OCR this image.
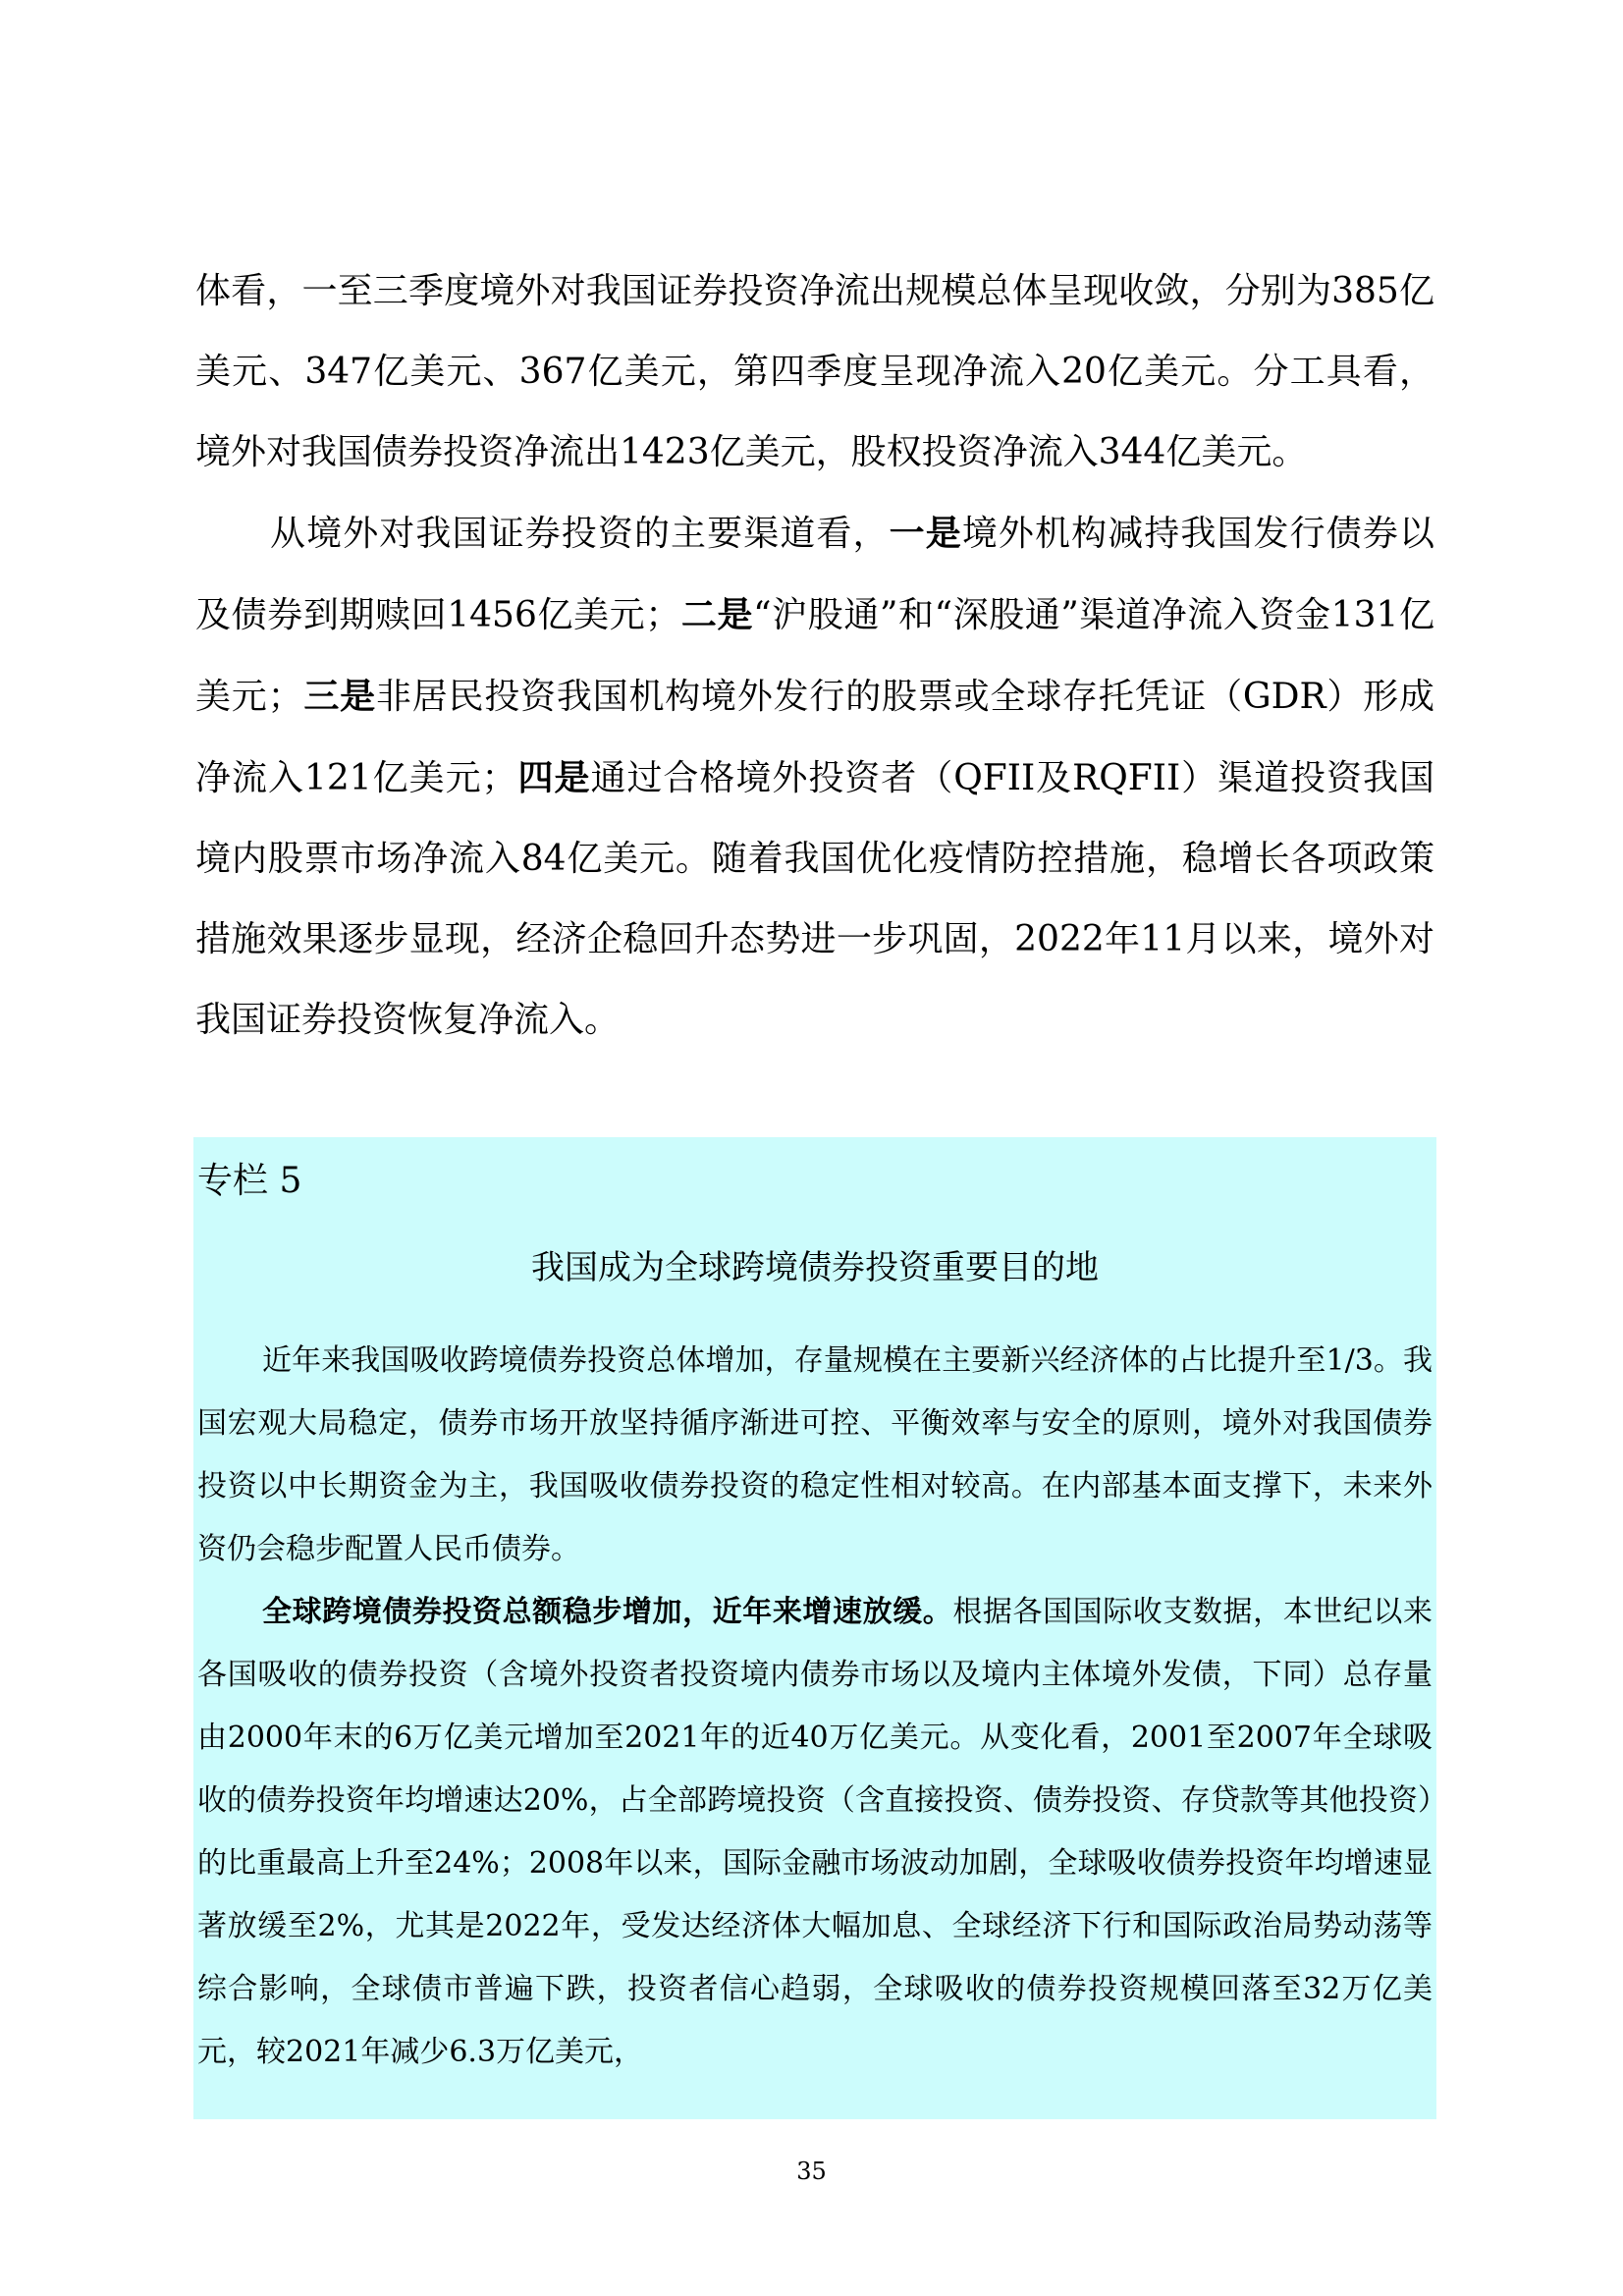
体看，一至三季度境外对我国证券投资净流出规模总体呈现收敛，分别为385亿美元、347亿美元、367亿美元，第四季度呈现净流入20亿美元。分工具看，境外对我国债券投资净流出1423亿美元，股权投资净流入344亿美元。

从境外对我国证券投资的主要渠道看，一是境外机构减持我国发行债券以及债券到期赎回1456亿美元；二是“沪股通”和“深股通”渠道净流入资金131亿美元；三是非居民投资我国机构境外发行的股票或全球存托凭证（GDR）形成净流入121亿美元；四是通过合格境外投资者（QFII及RQFII）渠道投资我国境内股票市场净流入84亿美元。随着我国优化疫情防控措施，稳增长各项政策措施效果逐步显现，经济企稳回升态势进一步巩固，2022年11月以来，境外对我国证券投资恢复净流入。

专栏 5
我国成为全球跨境债券投资重要目的地

近年来我国吸收跨境债券投资总体增加，存量规模在主要新兴经济体的占比提升至1/3。我国宏观大局稳定，债券市场开放坚持循序渐进可控、平衡效率与安全的原则，境外对我国债券投资以中长期资金为主，我国吸收债券投资的稳定性相对较高。在内部基本面支撑下，未来外资仍会稳步配置人民币债券。

全球跨境债券投资总额稳步增加，近年来增速放缓。根据各国国际收支数据，本世纪以来各国吸收的债券投资（含境外投资者投资境内债券市场以及境内主体境外发债，下同）总存量由2000年末的6万亿美元增加至2021年的近40万亿美元。从变化看，2001至2007年全球吸收的债券投资年均增速达20%，占全部跨境投资（含直接投资、债券投资、存贷款等其他投资）的比重最高上升至24%；2008年以来，国际金融市场波动加剧，全球吸收债券投资年均增速显著放缓至2%，尤其是2022年，受发达经济体大幅加息、全球经济下行和国际政治局势动荡等综合影响，全球债市普遍下跌，投资者信心趋弱，全球吸收的债券投资规模回落至32万亿美元，较2021年减少6.3万亿美元，

35
